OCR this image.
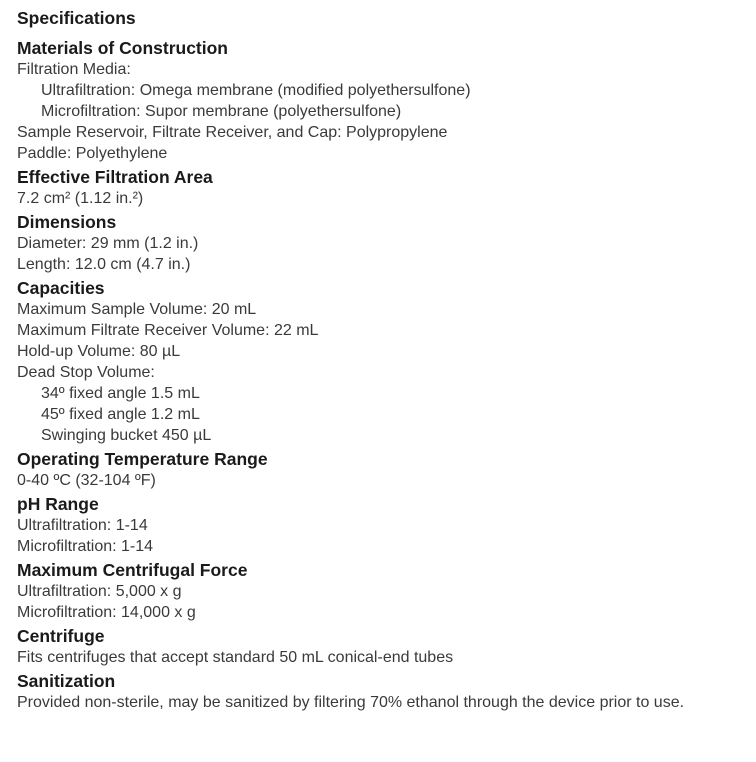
Specifications
Materials of Construction
Filtration Media:
Ultrafiltration: Omega membrane (modified polyethersulfone)
Microfiltration: Supor membrane (polyethersulfone)
Sample Reservoir, Filtrate Receiver, and Cap: Polypropylene
Paddle: Polyethylene
Effective Filtration Area
7.2 cm² (1.12 in.²)
Dimensions
Diameter: 29 mm (1.2 in.)
Length: 12.0 cm (4.7 in.)
Capacities
Maximum Sample Volume: 20 mL
Maximum Filtrate Receiver Volume: 22 mL
Hold-up Volume: 80 µL
Dead Stop Volume:
34º fixed angle 1.5 mL
45º fixed angle 1.2 mL
Swinging bucket 450 µL
Operating Temperature Range
0-40 ºC (32-104 ºF)
pH Range
Ultrafiltration: 1-14
Microfiltration: 1-14
Maximum Centrifugal Force
Ultrafiltration: 5,000 x g
Microfiltration: 14,000 x g
Centrifuge
Fits centrifuges that accept standard 50 mL conical-end tubes
Sanitization
Provided non-sterile, may be sanitized by filtering 70% ethanol through the device prior to use.
